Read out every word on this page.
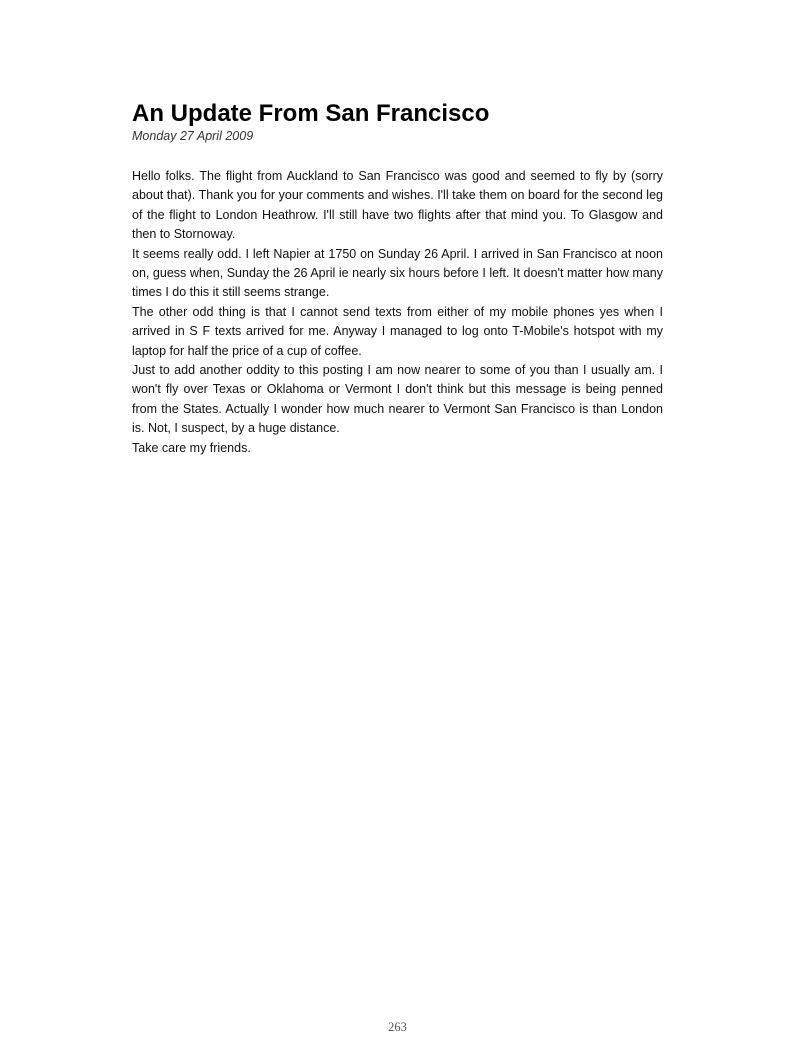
An Update From San Francisco
Monday 27 April 2009

Hello folks. The flight from Auckland to San Francisco was good and seemed to fly by (sorry about that). Thank you for your comments and wishes. I'll take them on board for the second leg of the flight to London Heathrow. I'll still have two flights after that mind you. To Glasgow and then to Stornoway.

It seems really odd. I left Napier at 1750 on Sunday 26 April. I arrived in San Francisco at noon on, guess when, Sunday the 26 April ie nearly six hours before I left. It doesn't matter how many times I do this it still seems strange.

The other odd thing is that I cannot send texts from either of my mobile phones yes when I arrived in S F texts arrived for me. Anyway I managed to log onto T-Mobile's hotspot with my laptop for half the price of a cup of coffee.

Just to add another oddity to this posting I am now nearer to some of you than I usually am. I won't fly over Texas or Oklahoma or Vermont I don't think but this message is being penned from the States. Actually I wonder how much nearer to Vermont San Francisco is than London is. Not, I suspect, by a huge distance.

Take care my friends.

263
